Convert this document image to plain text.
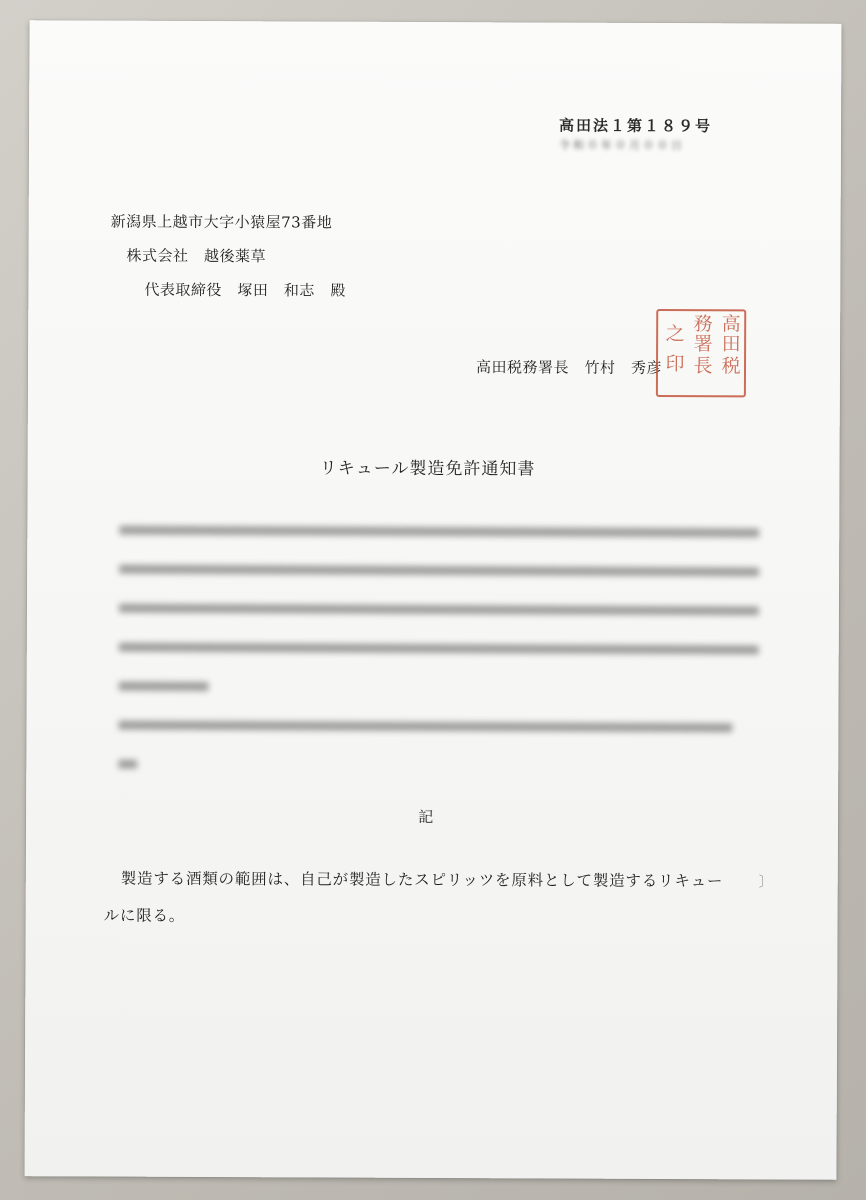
高田法１第１８９号
令和０年０月００日
新潟県上越市大字小猿屋73番地
株式会社　越後薬草
代表取締役　塚田　和志　殿
高田税務署長　竹村　秀彦
高
田
税
務
署
長
之
印
リキュール製造免許通知書
記
製造する酒類の範囲は、自己が製造したスピリッツを原料として製造するリキュー
ルに限る。
〕
